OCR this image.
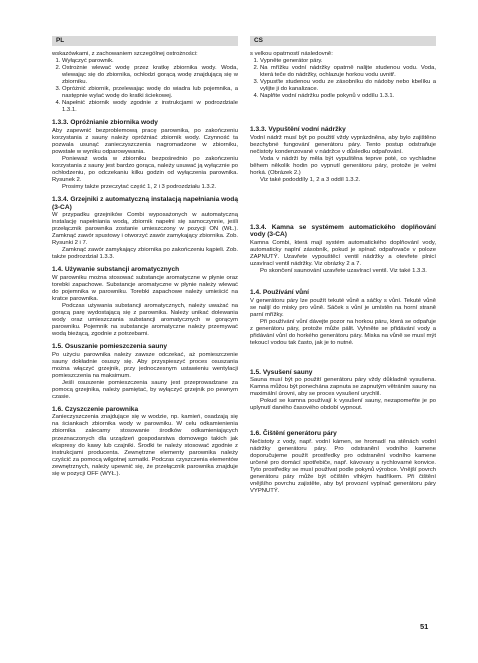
PL	CS

wskazówkami, z zachowaniem szczególnej ostrożności:

1. Wyłączyć parownik.
2. Ostrożnie wlewać wodę przez kratkę zbiornika wody. Woda, wlewając się do zbiornika, ochłodzi gorącą wodę znajdującą się w zbiorniku.
3. Opróżnić zbiornik, przelewając wodę do wiadra lub pojemnika, a następnie wylać wodę do kratki ściekowej.
4. Napełnić zbiornik wody zgodnie z instrukcjami w podrozdziale 1.3.1.
1.3.3. Opróżnianie zbiornika wody

Aby zapewnić bezproblemową pracę parownika, po zakończeniu korzystania z sauny należy opróżniać zbiornik wody. Czynność ta pozwala usunąć zanieczyszczenia nagromadzone w zbiorniku, powstałe w wyniku odparowywania.

Ponieważ woda w zbiorniku bezpośrednio po zakończeniu korzystania z sauny jest bardzo gorąca, należy usuwać ją wyłącznie po ochłodzeniu, po odczekaniu kilku godzin od wyłączenia parownika. Rysunek 2.

Prosimy także przeczytać część 1, 2 i 3 podrozdziału 1.3.2.

1.3.4. Grzejniki z automatyczną instalacją napełniania wodą (3-CA)

W przypadku grzejników Combi wyposażonych w automatyczną instalację napełniania wodą, zbiornik napełni się samoczynnie, jeśli przełącznik parownika zostanie umieszczony w pozycji ON (WŁ.). Zamknąć zawór spustowy i otworzyć zawór zamykający zbiornika. Zob. Rysunki 2 i 7.

Zamknąć zawór zamykający zbiornika po zakończeniu kąpieli. Zob. także podrozdział 1.3.3.

1.4. Używanie substancji aromatycznych

W parowniku można stosować substancje aromatyczne w płynie oraz torebki zapachowe. Substancje aromatyczne w płynie należy wlewać do pojemnika w parowniku. Torebki zapachowe należy umieścić na kratce parownika.

Podczas używania substancji aromatycznych, należy uważać na gorącą parę wydostającą się z parownika. Należy unikać dolewania wody oraz umieszczania substancji aromatycznych w gorącym parowniku. Pojemnik na substancje aromatyczne należy przemywać wodą bieżącą, zgodnie z potrzebami.

1.5. Osuszanie pomieszczenia sauny

Po użyciu parownika należy zawsze odczekać, aż pomieszczenie sauny dokładnie osuszy się. Aby przyspieszyć proces osuszania można włączyć grzejnik, przy jednoczesnym ustawieniu wentylacji pomieszczenia na maksimum.

Jeśli osuszenie pomieszczenia sauny jest przeprowadzane za pomocą grzejnika, należy pamiętać, by wyłączyć grzejnik po pewnym czasie.

1.6. Czyszczenie parownika

Zanieczyszczenia znajdujące się w wodzie, np. kamień, osadzają się na ściankach zbiornika wody w parowniku. W celu odkamienienia zbiornika zalecamy stosowanie środków odkamieniających przeznaczonych dla urządzeń gospodarstwa domowego takich jak ekspresy do kawy lub czajniki. Środki te należy stosować zgodnie z instrukcjami producenta. Zewnętrzne elementy parownika należy czyścić za pomocą wilgotnej szmatki. Podczas czyszczenia elementów zewnętrznych, należy upewnić się, że przełącznik parownika znajduje się w pozycji OFF (WYŁ.).

s velkou opatrností následovně:

1. Vypněte generátor páry.
2. Na mřížku vodní nádržky opatrně nalijte studenou vodu. Voda, která teče do nádržky, ochlazuje horkou vodu uvnitř.
3. Vypusťte studenou vodu ze zásobníku do nádoby nebo kbelíku a vylijte ji do kanalizace.
4. Naplňte vodní nádržku podle pokynů v oddílu 1.3.1.
1.3.3. Vypuštění vodní nádržky

Vodní nádrž musí být po použití vždy vyprázdněna, aby bylo zajištěno bezchybné fungování generátoru páry. Tento postup odstraňuje nečistoty kondenzované v nádržce v důsledku odpařování.

Voda v nádrži by měla být vypuštěna teprve poté, co vychladne během několik hodin po vypnutí generátoru páry, protože je velmi horká. (Obrázek 2.)

Viz také pododdíly 1, 2 a 3 oddíl 1.3.2.

1.3.4. Kamna se systémem automatického doplňování vody (3-CA)

Kamna Combi, která mají systém automatického doplňování vody, automaticky naplní zásobník, pokud je spínač odpařovače v poloze ZAPNUTÝ. Uzavřete vypouštěcí ventil nádržky a otevřete plnicí uzavírací ventil nádržky. Viz obrázky 2 a 7.

Po skončení saunování uzavřete uzavírací ventil. Viz také 1.3.3.

1.4. Používání vůní

V generátoru páry lze použít tekuté vůně a sáčky s vůní. Tekuté vůně se nalijí do misky pro vůně. Sáček s vůní je umístěn na horní straně parní mřížky.

Při používání vůní dávejte pozor na horkou páru, která se odpařuje z generátoru páry, protože může pálit. Vyhněte se přidávání vody a přidávání vůní do horkého generátoru páry. Miska na vůně se musí mýt tekoucí vodou tak často, jak je to nutné.

1.5. Vysušení sauny

Sauna musí být po použití generátoru páry vždy důkladně vysušena. Kamna můžou být ponechána zapnuta se zapnutým větráním sauny na maximální úrovni, aby se proces vysušení urychlil.

Pokud se kamna používají k vysušení sauny, nezapomeňte je po uplynutí daného časového období vypnout.

1.6. Čištění generátoru páry

Nečistoty z vody, např. vodní kámen, se hromadí na stěnách vodní nádržky generátoru páry. Pro odstranění vodního kamene doporučujeme použít prostředky pro odstranění vodního kamene určené pro domácí spotřebiče, např. kávovary a rychlovarné konvice. Tyto prostředky se musí používat podle pokynů výrobce. Vnější povrch generátoru páry může být očištěn vlhkým hadříkem. Při čištění vnějšího povrchu zajistěte, aby byl provozní vypínač generátoru páry VYPNUTÝ.

51
